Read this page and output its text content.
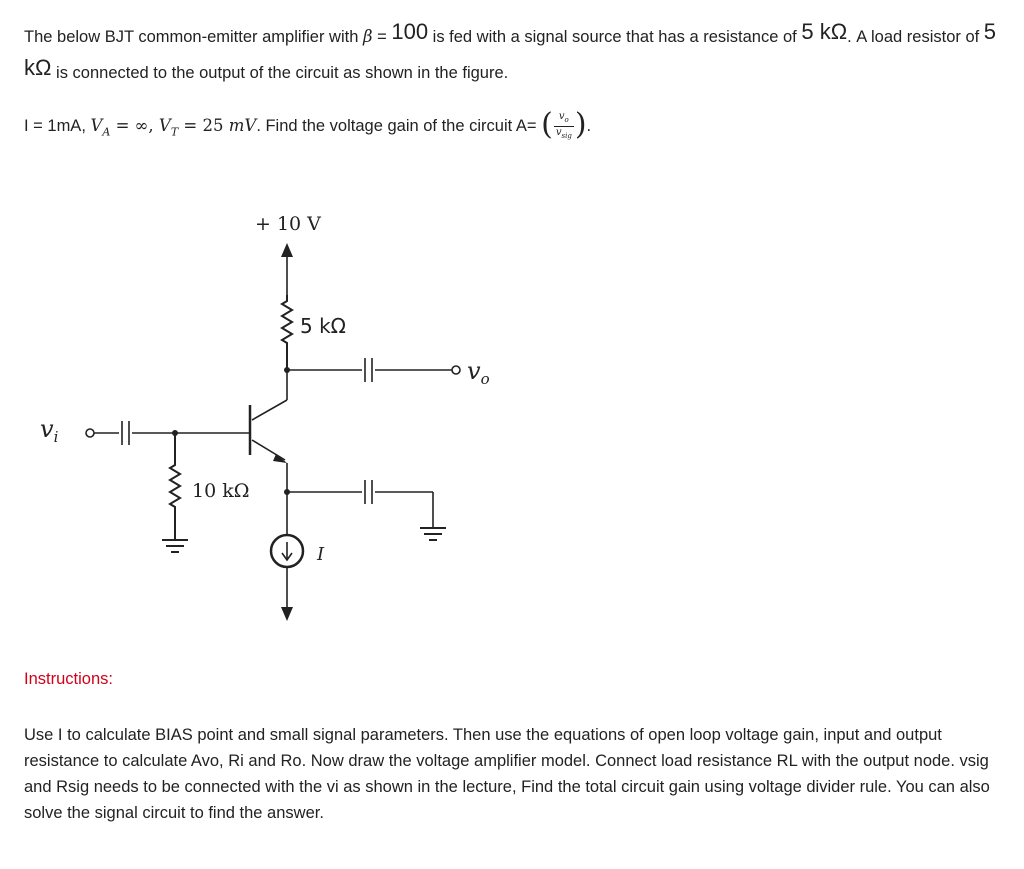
The below BJT common-emitter amplifier with β = 100 is fed with a signal source that has a resistance of 5 kΩ. A load resistor of 5 kΩ is connected to the output of the circuit as shown in the figure.
I = 1mA, $V_A$ = ∞, $V_T = 25$ mV. Find the voltage gain of the circuit A= ( $\frac{v_o}{v_{sig}}$ ).
+ 10 V
5 kΩ
$v_o$
$v_i$
10 kΩ
I
Instructions:
Use I to calculate BIAS point and small signal parameters. Then use the equations of open loop voltage gain, input and output resistance to calculate Avo, Ri and Ro. Now draw the voltage amplifier model. Connect load resistance RL with the output node. vsig and Rsig needs to be connected with the vi as shown in the lecture, Find the total circuit gain using voltage divider rule. You can also solve the signal circuit to find the answer.
